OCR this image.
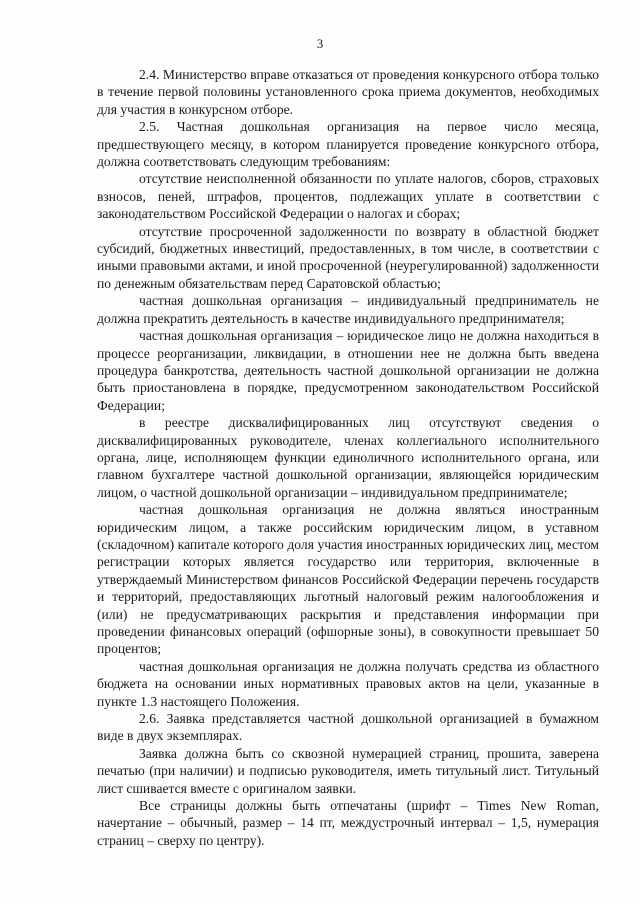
3

2.4. Министерство вправе отказаться от проведения конкурсного отбора только в течение первой половины установленного срока приема документов, необходимых для участия в конкурсном отборе.

2.5. Частная дошкольная организация на первое число месяца, предшествующего месяцу, в котором планируется проведение конкурсного отбора, должна соответствовать следующим требованиям:

отсутствие неисполненной обязанности по уплате налогов, сборов, страховых взносов, пеней, штрафов, процентов, подлежащих уплате в соответствии с законодательством Российской Федерации о налогах и сборах;

отсутствие просроченной задолженности по возврату в областной бюджет субсидий, бюджетных инвестиций, предоставленных, в том числе, в соответствии с иными правовыми актами, и иной просроченной (неурегулированной) задолженности по денежным обязательствам перед Саратовской областью;

частная дошкольная организация – индивидуальный предприниматель не должна прекратить деятельность в качестве индивидуального предпринимателя;

частная дошкольная организация – юридическое лицо не должна находиться в процессе реорганизации, ликвидации, в отношении нее не должна быть введена процедура банкротства, деятельность частной дошкольной организации не должна быть приостановлена в порядке, предусмотренном законодательством Российской Федерации;

в реестре дисквалифицированных лиц отсутствуют сведения о дисквалифицированных руководителе, членах коллегиального исполнительного органа, лице, исполняющем функции единоличного исполнительного органа, или главном бухгалтере частной дошкольной организации, являющейся юридическим лицом, о частной дошкольной организации – индивидуальном предпринимателе;

частная дошкольная организация не должна являться иностранным юридическим лицом, а также российским юридическим лицом, в уставном (складочном) капитале которого доля участия иностранных юридических лиц, местом регистрации которых является государство или территория, включенные в утверждаемый Министерством финансов Российской Федерации перечень государств и территорий, предоставляющих льготный налоговый режим налогообложения и (или) не предусматривающих раскрытия и представления информации при проведении финансовых операций (офшорные зоны), в совокупности превышает 50 процентов;

частная дошкольная организация не должна получать средства из областного бюджета на основании иных нормативных правовых актов на цели, указанные в пункте 1.3 настоящего Положения.

2.6. Заявка представляется частной дошкольной организацией в бумажном виде в двух экземплярах.

Заявка должна быть со сквозной нумерацией страниц, прошита, заверена печатью (при наличии) и подписью руководителя, иметь титульный лист. Титульный лист сшивается вместе с оригиналом заявки.

Все страницы должны быть отпечатаны (шрифт – Times New Roman, начертание – обычный, размер – 14 пт, междустрочный интервал – 1,5, нумерация страниц – сверху по центру).
